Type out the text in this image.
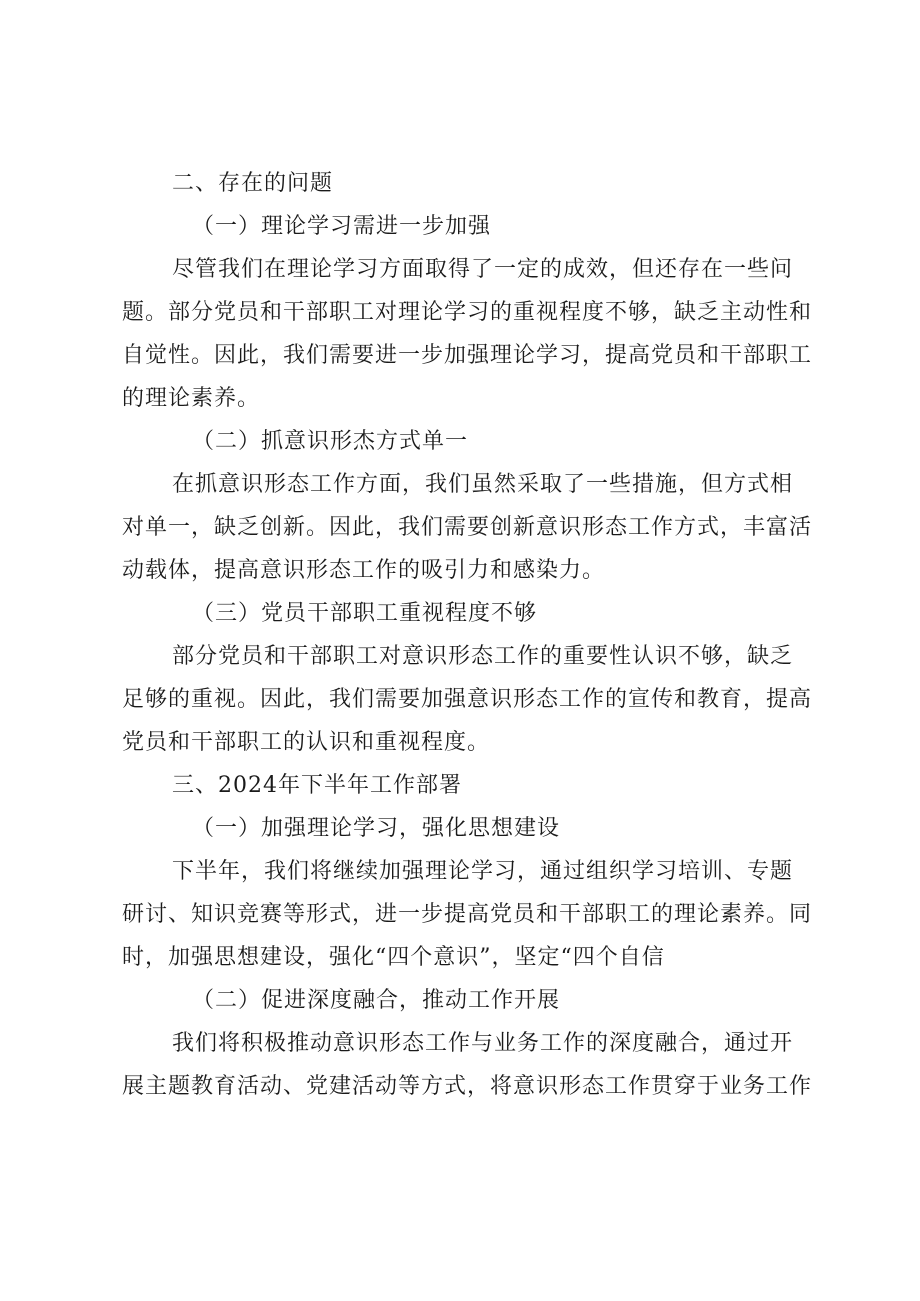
二、存在的问题
（一）理论学习需进一步加强
尽管我们在理论学习方面取得了一定的成效，但还存在一些问
题。部分党员和干部职工对理论学习的重视程度不够，缺乏主动性和
自觉性。因此，我们需要进一步加强理论学习，提高党员和干部职工
的理论素养。
（二）抓意识形杰方式单一
在抓意识形态工作方面，我们虽然采取了一些措施，但方式相
对单一，缺乏创新。因此，我们需要创新意识形态工作方式，丰富活
动载体，提高意识形态工作的吸引力和感染力。
（三）党员干部职工重视程度不够
部分党员和干部职工对意识形态工作的重要性认识不够，缺乏
足够的重视。因此，我们需要加强意识形态工作的宣传和教育，提高
党员和干部职工的认识和重视程度。
三、2024年下半年工作部署
（一）加强理论学习，强化思想建设
下半年，我们将继续加强理论学习，通过组织学习培训、专题
研讨、知识竞赛等形式，进一步提高党员和干部职工的理论素养。同
时，加强思想建设，强化“四个意识”，坚定“四个自信
（二）促进深度融合，推动工作开展
我们将积极推动意识形态工作与业务工作的深度融合，通过开
展主题教育活动、党建活动等方式，将意识形态工作贯穿于业务工作
